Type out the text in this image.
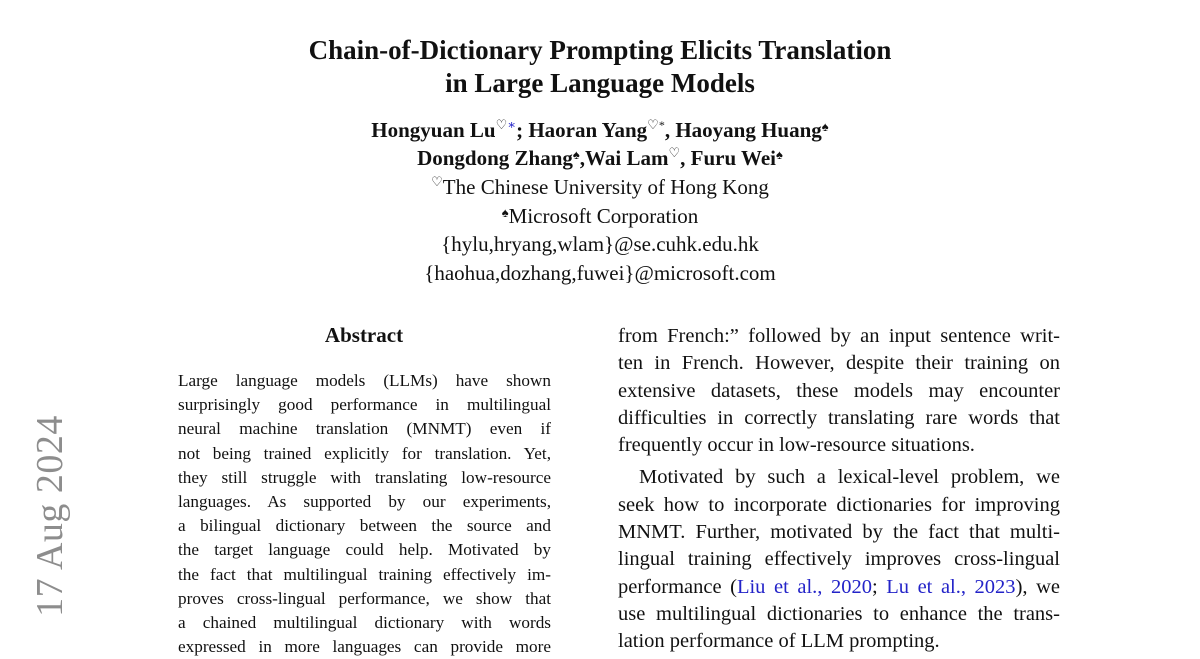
17 Aug 2024
Chain-of-Dictionary Prompting Elicits Translation
in Large Language Models
Hongyuan Lu♡∗; Haoran Yang♡*, Haoyang Huang♠
Dongdong Zhang♠,Wai Lam♡, Furu Wei♠
♡The Chinese University of Hong Kong
♠Microsoft Corporation
{hylu,hryang,wlam}@se.cuhk.edu.hk
{haohua,dozhang,fuwei}@microsoft.com
Abstract
Large language models (LLMs) have shown
surprisingly good performance in multilingual
neural machine translation (MNMT) even if
not being trained explicitly for translation. Yet,
they still struggle with translating low-resource
languages. As supported by our experiments,
a bilingual dictionary between the source and
the target language could help. Motivated by
the fact that multilingual training effectively im-
proves cross-lingual performance, we show that
a chained multilingual dictionary with words
expressed in more languages can provide more
from French:” followed by an input sentence writ-
ten in French. However, despite their training on
extensive datasets, these models may encounter
difficulties in correctly translating rare words that
frequently occur in low-resource situations.
Motivated by such a lexical-level problem, we
seek how to incorporate dictionaries for improving
MNMT. Further, motivated by the fact that multi-
lingual training effectively improves cross-lingual
performance (Liu et al., 2020; Lu et al., 2023), we
use multilingual dictionaries to enhance the trans-
lation performance of LLM prompting.
